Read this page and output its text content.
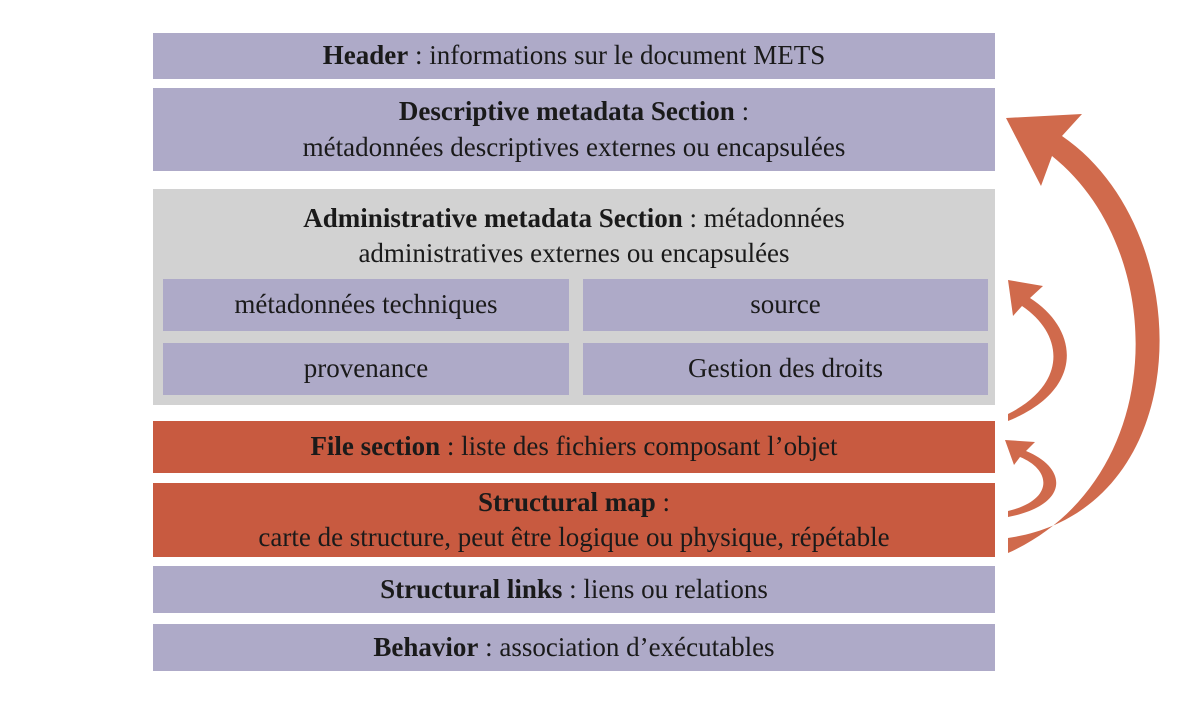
Header : informations sur le document METS
Descriptive metadata Section :
métadonnées descriptives externes ou encapsulées
Administrative metadata Section : métadonnées
administratives externes ou encapsulées
métadonnées techniques	source
provenance	Gestion des droits
File section : liste des fichiers composant l’objet
Structural map :
carte de structure, peut être logique ou physique, répétable
Structural links : liens ou relations
Behavior : association d’exécutables
